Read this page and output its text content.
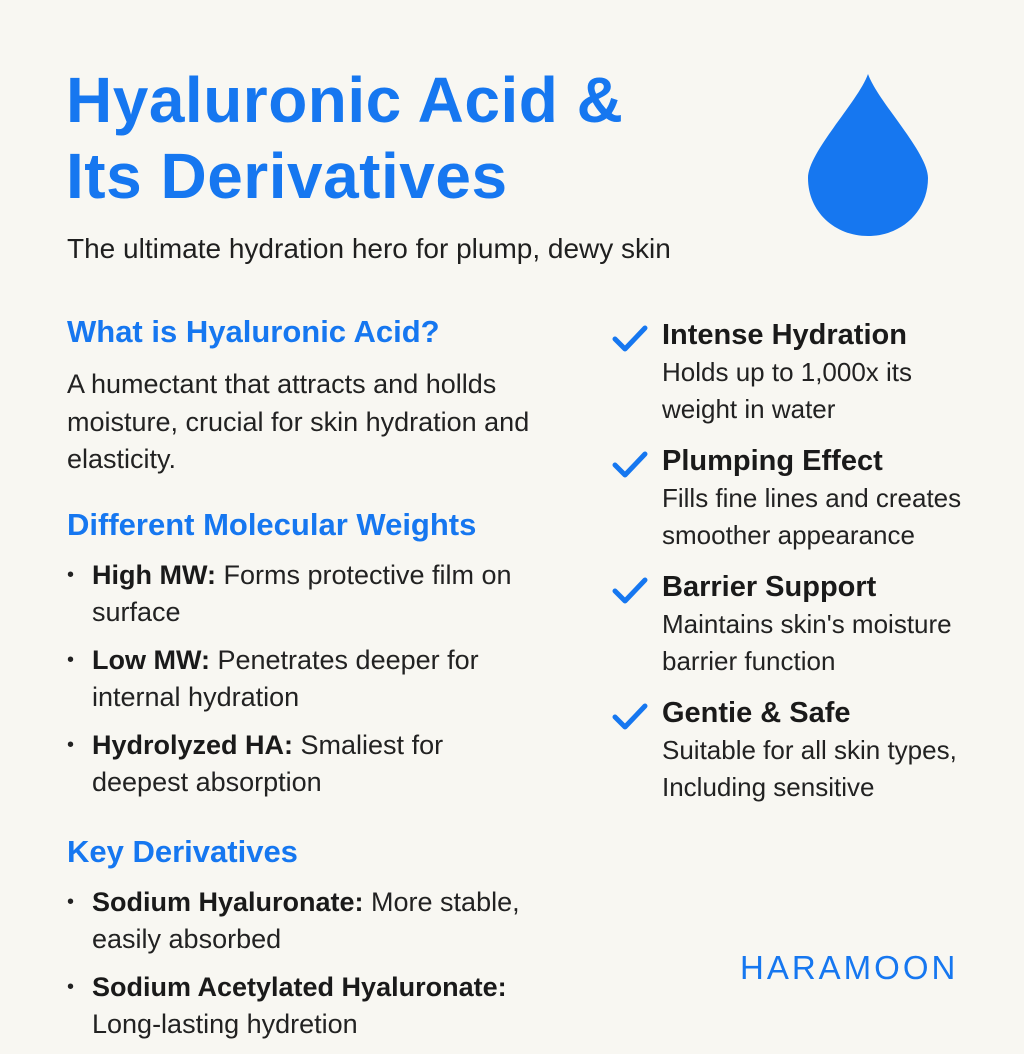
Hyaluronic Acid &
Its Derivatives

The ultimate hydration hero for plump, dewy skin

What is Hyaluronic Acid?

A humectant that attracts and hollds moisture, crucial for skin hydration and elasticity.

Different Molecular Weights
• High MW: Forms protective film on surface
• Low MW: Penetrates deeper for internal hydration
• Hydrolyzed HA: Smaliest for deepest absorption
Key Derivatives
• Sodium Hyaluronate: More stable, easily absorbed
• Sodium Acetylated Hyaluronate: Long-lasting hydretion
Intense Hydration

Holds up to 1,000x its weight in water

Plumping Effect

Fills fine lines and creates smoother appearance

Barrier Support

Maintains skin's moisture barrier function

Gentie & Safe

Suitable for all skin types, Including sensitive

HARAMOON
